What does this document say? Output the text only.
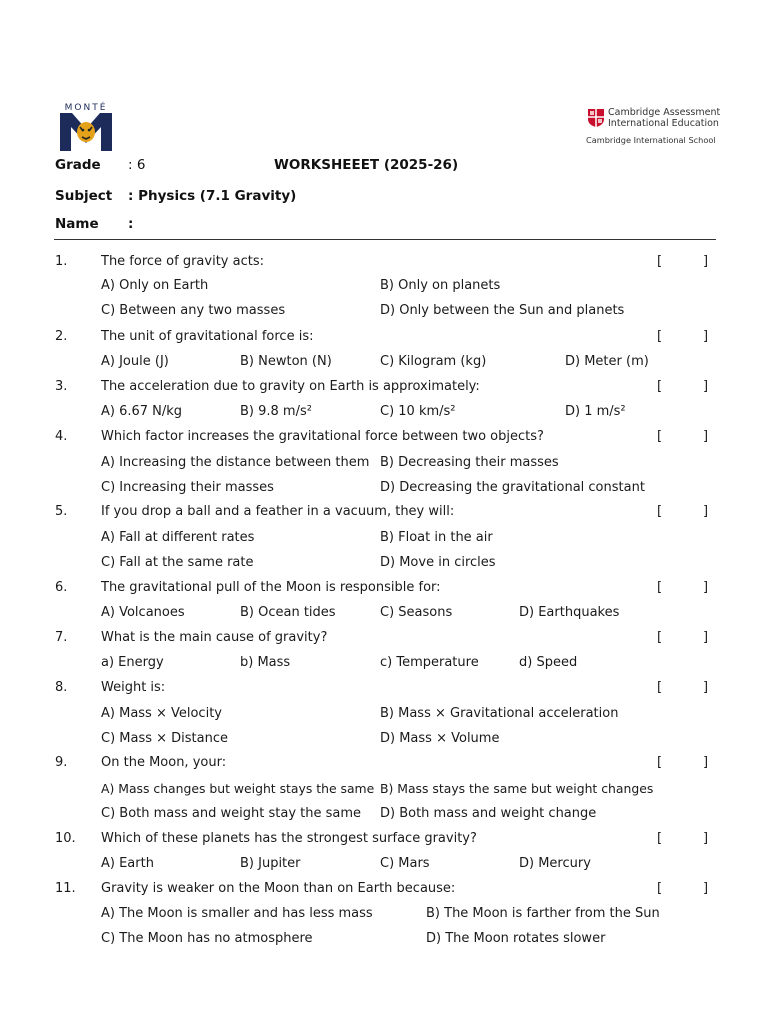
MONTÉ	Cambridge Assessment
International Education
Cambridge International School
Grade : 6	WORKSHEEET (2025-26)
Subject : Physics (7.1 Gravity)
Name :
1.	The force of gravity acts:	[	]
A) Only on Earth	B) Only on planets
C) Between any two masses	D) Only between the Sun and planets
2.	The unit of gravitational force is:	[	]
A) Joule (J)	B) Newton (N)	C) Kilogram (kg)	D) Meter (m)
3.	The acceleration due to gravity on Earth is approximately:	[	]
A) 6.67 N/kg	B) 9.8 m/s²	C) 10 km/s²	D) 1 m/s²
4.	Which factor increases the gravitational force between two objects?	[	]
A) Increasing the distance between them B) Decreasing their masses
C) Increasing their masses	D) Decreasing the gravitational constant
5.	If you drop a ball and a feather in a vacuum, they will:	[	]
A) Fall at different rates	B) Float in the air
C) Fall at the same rate	D) Move in circles
6.	The gravitational pull of the Moon is responsible for:	[	]
A) Volcanoes	B) Ocean tides	C) Seasons	D) Earthquakes
7.	What is the main cause of gravity?	[	]
a) Energy	b) Mass	c) Temperature	d) Speed
8.	Weight is:	[	]
A) Mass × Velocity	B) Mass × Gravitational acceleration
C) Mass × Distance	D) Mass × Volume
9.	On the Moon, your:	[	]
A) Mass changes but weight stays the same B) Mass stays the same but weight changes
C) Both mass and weight stay the same D) Both mass and weight change
10. Which of these planets has the strongest surface gravity?	[	]
A) Earth	B) Jupiter	C) Mars	D) Mercury
11. Gravity is weaker on the Moon than on Earth because:	[	]
A) The Moon is smaller and has less mass	B) The Moon is farther from the Sun
C) The Moon has no atmosphere	D) The Moon rotates slower
